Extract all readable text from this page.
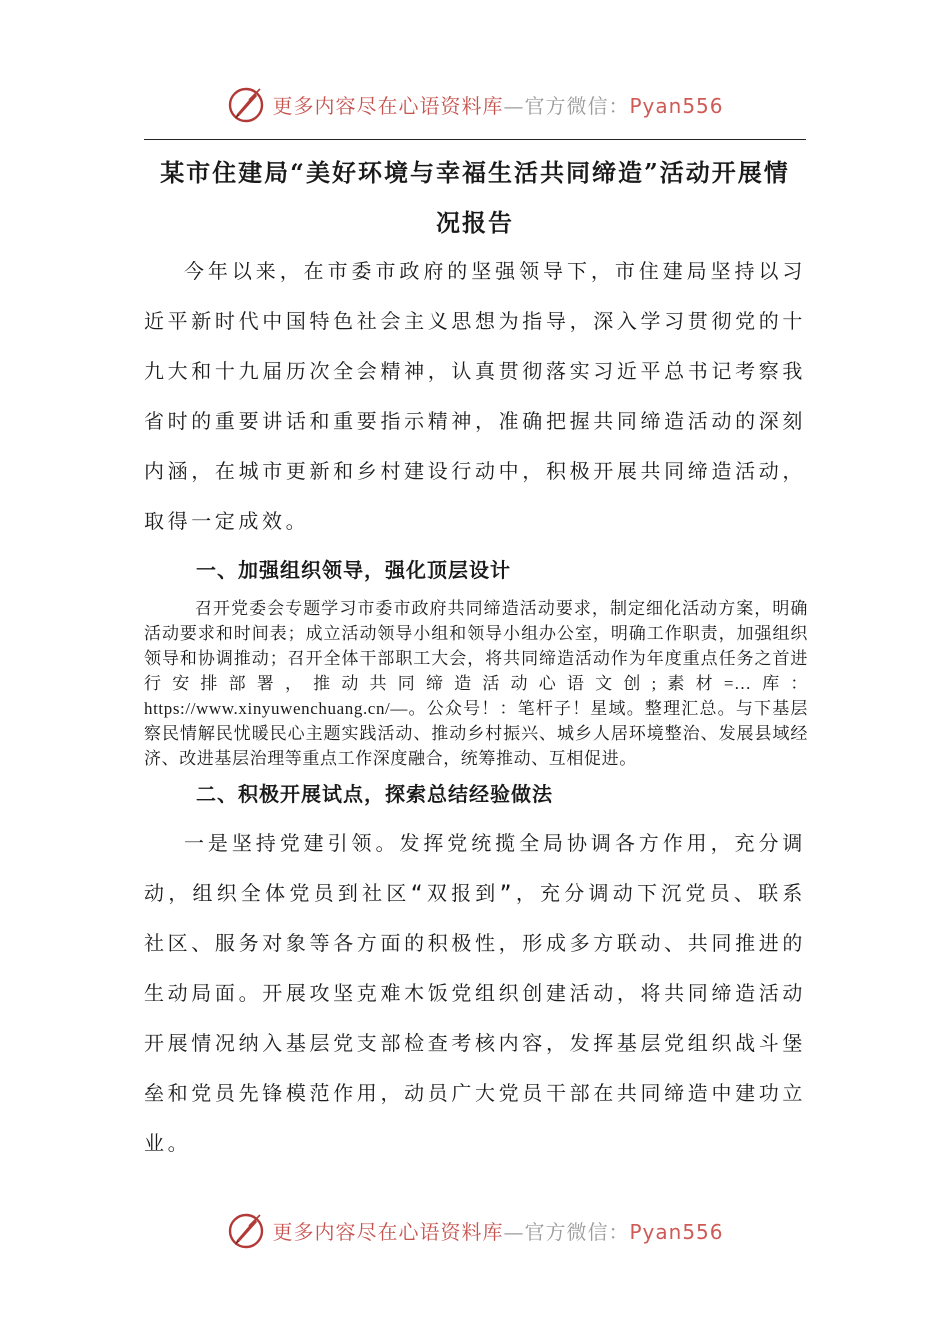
更多内容尽在心语资料库—官方微信：Pyan556
某市住建局“美好环境与幸福生活共同缔造”活动开展情
况报告

今年以来，在市委市政府的坚强领导下，市住建局坚持以习近平新时代中国特色社会主义思想为指导，深入学习贯彻党的十九大和十九届历次全会精神，认真贯彻落实习近平总书记考察我省时的重要讲话和重要指示精神，准确把握共同缔造活动的深刻内涵，在城市更新和乡村建设行动中，积极开展共同缔造活动，取得一定成效。

一、加强组织领导，强化顶层设计

召开党委会专题学习市委市政府共同缔造活动要求，制定细化活动方案，明确活动要求和时间表；成立活动领导小组和领导小组办公室，明确工作职责，加强组织领导和协调推动；召开全体干部职工大会，将共同缔造活动作为年度重点任务之首进行安排部署，推动共同缔造活动心语文创;素材=…库：https://www.xinyuwenchuang.cn/—。公众号！：笔杆子！星域。整理汇总。与下基层察民情解民忧暖民心主题实践活动、推动乡村振兴、城乡人居环境整治、发展县域经济、改进基层治理等重点工作深度融合，统筹推动、互相促进。

二、积极开展试点，探索总结经验做法

一是坚持党建引领。发挥党统揽全局协调各方作用，充分调动，组织全体党员到社区“双报到”，充分调动下沉党员、联系社区、服务对象等各方面的积极性，形成多方联动、共同推进的生动局面。开展攻坚克难木饭党组织创建活动，将共同缔造活动开展情况纳入基层党支部检查考核内容，发挥基层党组织战斗堡垒和党员先锋模范作用，动员广大党员干部在共同缔造中建功立业。

更多内容尽在心语资料库—官方微信：Pyan556
